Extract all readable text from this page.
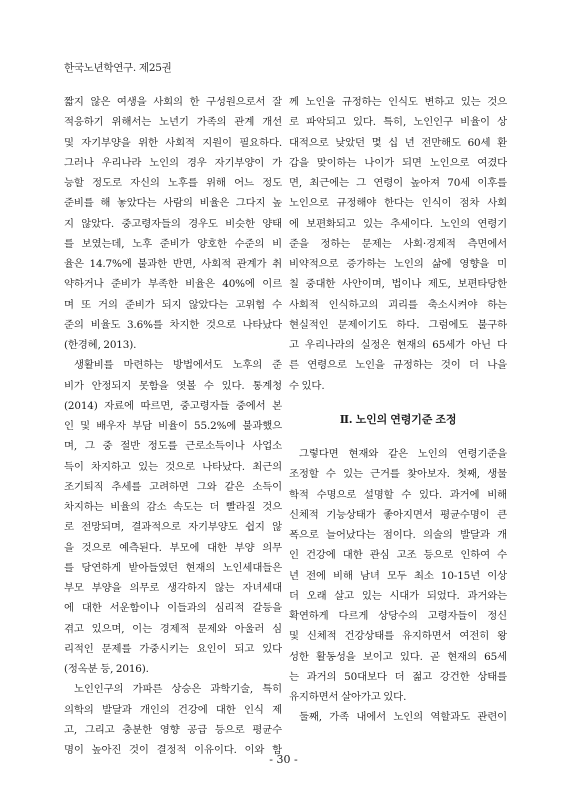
한국노년학연구. 제25권
짧지 않은 여생을 사회의 한 구성원으로서 잘
적응하기 위해서는 노년기 가족의 관계 개선
및 자기부양을 위한 사회적 지원이 필요하다.
그러나 우리나라 노인의 경우 자기부양이 가
능할 정도로 자신의 노후를 위해 어느 정도
준비를 해 놓았다는 사람의 비율은 그다지 높
지 않았다. 중고령자들의 경우도 비슷한 양태
를 보였는데, 노후 준비가 양호한 수준의 비
율은 14.7%에 불과한 반면, 사회적 관계가 취
약하거나 준비가 부족한 비율은 40%에 이르
며 또 거의 준비가 되지 않았다는 고위험 수
준의 비율도 3.6%를 차지한 것으로 나타났다
(한경혜, 2013).
생활비를 마련하는 방법에서도 노후의 준
비가 안정되지 못함을 엿볼 수 있다. 통계청
(2014) 자료에 따르면, 중고령자들 중에서 본
인 및 배우자 부담 비율이 55.2%에 불과했으
며, 그 중 절반 정도를 근로소득이나 사업소
득이 차지하고 있는 것으로 나타났다. 최근의
조기퇴직 추세를 고려하면 그와 같은 소득이
차지하는 비율의 감소 속도는 더 빨라질 것으
로 전망되며, 결과적으로 자기부양도 쉽지 않
을 것으로 예측된다. 부모에 대한 부양 의무
를 당연하게 받아들였던 현재의 노인세대들은
부모 부양을 의무로 생각하지 않는 자녀세대
에 대한 서운함이나 이들과의 심리적 갈등을
겪고 있으며, 이는 경제적 문제와 아울러 심
리적인 문제를 가중시키는 요인이 되고 있다
(정옥분 등, 2016).
노인인구의 가파른 상승은 과학기술, 특히
의학의 발달과 개인의 건강에 대한 인식 제
고, 그리고 충분한 영향 공급 등으로 평균수
명이 높아진 것이 결정적 이유이다. 이와 함
께 노인을 규정하는 인식도 변하고 있는 것으
로 파악되고 있다. 특히, 노인인구 비율이 상
대적으로 낮았던 몇 십 년 전만해도 60세 환
갑을 맞이하는 나이가 되면 노인으로 여겼다
면, 최근에는 그 연령이 높아져 70세 이후를
노인으로 규정해야 한다는 인식이 점차 사회
에 보편화되고 있는 추세이다. 노인의 연령기
준을 정하는 문제는 사회·경제적 측면에서
비약적으로 증가하는 노인의 삶에 영향을 미
칠 중대한 사안이며, 법이나 제도, 보편타당한
사회적 인식하고의 괴리를 축소시켜야 하는
현실적인 문제이기도 하다. 그럼에도 불구하
고 우리나라의 실정은 현재의 65세가 아닌 다
른 연령으로 노인을 규정하는 것이 더 나을
수 있다.
Ⅱ. 노인의 연령기준 조정
그렇다면 현재와 같은 노인의 연령기준을
조정할 수 있는 근거를 찾아보자. 첫째, 생물
학적 수명으로 설명할 수 있다. 과거에 비해
신체적 기능상태가 좋아지면서 평균수명이 큰
폭으로 늘어났다는 점이다. 의술의 발달과 개
인 건강에 대한 관심 고조 등으로 인하여 수
년 전에 비해 남녀 모두 최소 10-15년 이상
더 오래 살고 있는 시대가 되었다. 과거와는
확연하게 다르게 상당수의 고령자들이 정신
및 신체적 건강상태를 유지하면서 여전히 왕
성한 활동성을 보이고 있다. 곧 현재의 65세
는 과거의 50대보다 더 젊고 강건한 상태를
유지하면서 살아가고 있다.
둘째, 가족 내에서 노인의 역할과도 관련이
- 30 -
